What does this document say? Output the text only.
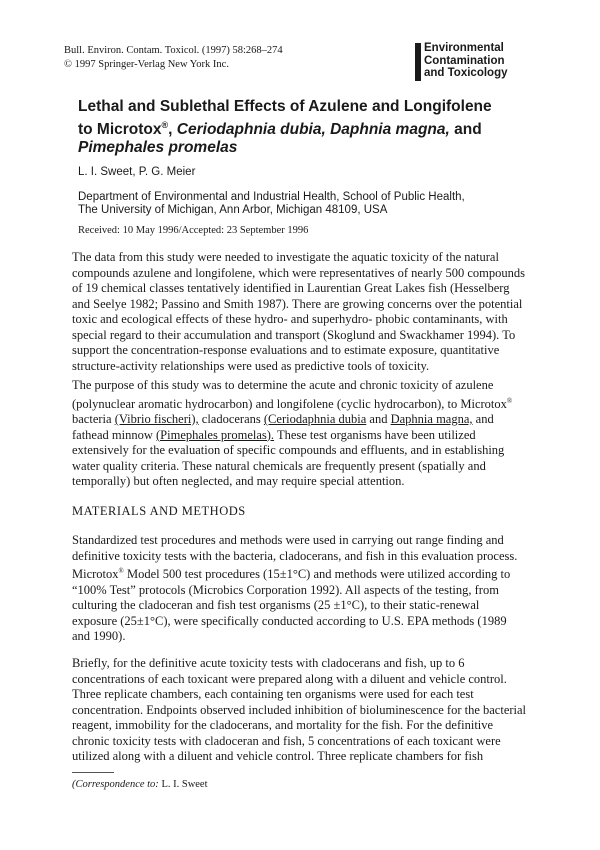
Bull. Environ. Contam. Toxicol. (1997) 58:268–274
© 1997 Springer-Verlag New York Inc.
Environmental
Contamination
and Toxicology
Lethal and Sublethal Effects of Azulene and Longifolene
to Microtox®, Ceriodaphnia dubia, Daphnia magna, and
Pimephales promelas
L. I. Sweet, P. G. Meier
Department of Environmental and Industrial Health, School of Public Health,
The University of Michigan, Ann Arbor, Michigan 48109, USA
Received: 10 May 1996/Accepted: 23 September 1996
The data from this study were needed to investigate the aquatic toxicity of the natural
compounds azulene and longifolene, which were representatives of nearly 500 compounds
of 19 chemical classes tentatively identified in Laurentian Great Lakes fish (Hesselberg
and Seelye 1982; Passino and Smith 1987). There are growing concerns over the potential
toxic and ecological effects of these hydro- and superhydro- phobic contaminants, with
special regard to their accumulation and transport (Skoglund and Swackhamer 1994). To
support the concentration-response evaluations and to estimate exposure, quantitative
structure-activity relationships were used as predictive tools of toxicity.
The purpose of this study was to determine the acute and chronic toxicity of azulene
(polynuclear aromatic hydrocarbon) and longifolene (cyclic hydrocarbon), to Microtox®
bacteria (Vibrio fischeri), cladocerans (Ceriodaphnia dubia and Daphnia magna, and
fathead minnow (Pimephales promelas). These test organisms have been utilized
extensively for the evaluation of specific compounds and effluents, and in establishing
water quality criteria. These natural chemicals are frequently present (spatially and
temporally) but often neglected, and may require special attention.
MATERIALS AND METHODS
Standardized test procedures and methods were used in carrying out range finding and
definitive toxicity tests with the bacteria, cladocerans, and fish in this evaluation process.
Microtox® Model 500 test procedures (15±1°C) and methods were utilized according to
“100% Test” protocols (Microbics Corporation 1992). All aspects of the testing, from
culturing the cladoceran and fish test organisms (25 ±1°C), to their static-renewal
exposure (25±1°C), were specifically conducted according to U.S. EPA methods (1989
and 1990).
Briefly, for the definitive acute toxicity tests with cladocerans and fish, up to 6
concentrations of each toxicant were prepared along with a diluent and vehicle control.
Three replicate chambers, each containing ten organisms were used for each test
concentration. Endpoints observed included inhibition of bioluminescence for the bacterial
reagent, immobility for the cladocerans, and mortality for the fish. For the definitive
chronic toxicity tests with cladoceran and fish, 5 concentrations of each toxicant were
utilized along with a diluent and vehicle control. Three replicate chambers for fish
(Correspondence to: L. I. Sweet
